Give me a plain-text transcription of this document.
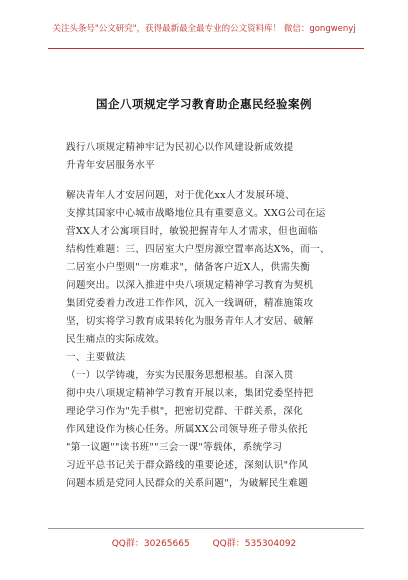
关注头条号"公文研究"，获得最新最全最专业的公文资料库！ 微信：gongwenyj
国企八项规定学习教育助企惠民经验案例
践行八项规定精神牢记为民初心以作风建设新成效提
升青年安居服务水平
解决青年人才安居问题，对于优化xx人才发展环境、
支撑其国家中心城市战略地位具有重要意义。XXG公司在运
营XX人才公寓项目时，敏锐把握青年人才需求，但也面临
结构性难题：三、四居室大户型房源空置率高达X%，而一、
二居室小户型则"一房难求"，储备客户近X人，供需失衡
问题突出。以深入推进中央八项规定精神学习教育为契机
集团党委着力改进工作作风，沉入一线调研，精准施策攻
坚，切实将学习教育成果转化为服务青年人才安居、破解
民生痛点的实际成效。
一、主要做法
（一）以学铸魂，夯实为民服务思想根基。自深入贯
彻中央八项规定精神学习教育开展以来，集团党委坚持把
理论学习作为"先手棋"，把密切党群、干群关系，深化
作风建设作为核心任务。所属XX公司领导班子带头依托
"第一议题""读书班""三会一课"等载体，系统学习
习近平总书记关于群众路线的重要论述，深刻认识"作风
问题本质是党同人民群众的关系问题"，为破解民生难题
QQ群：30265665	QQ群：535304092
